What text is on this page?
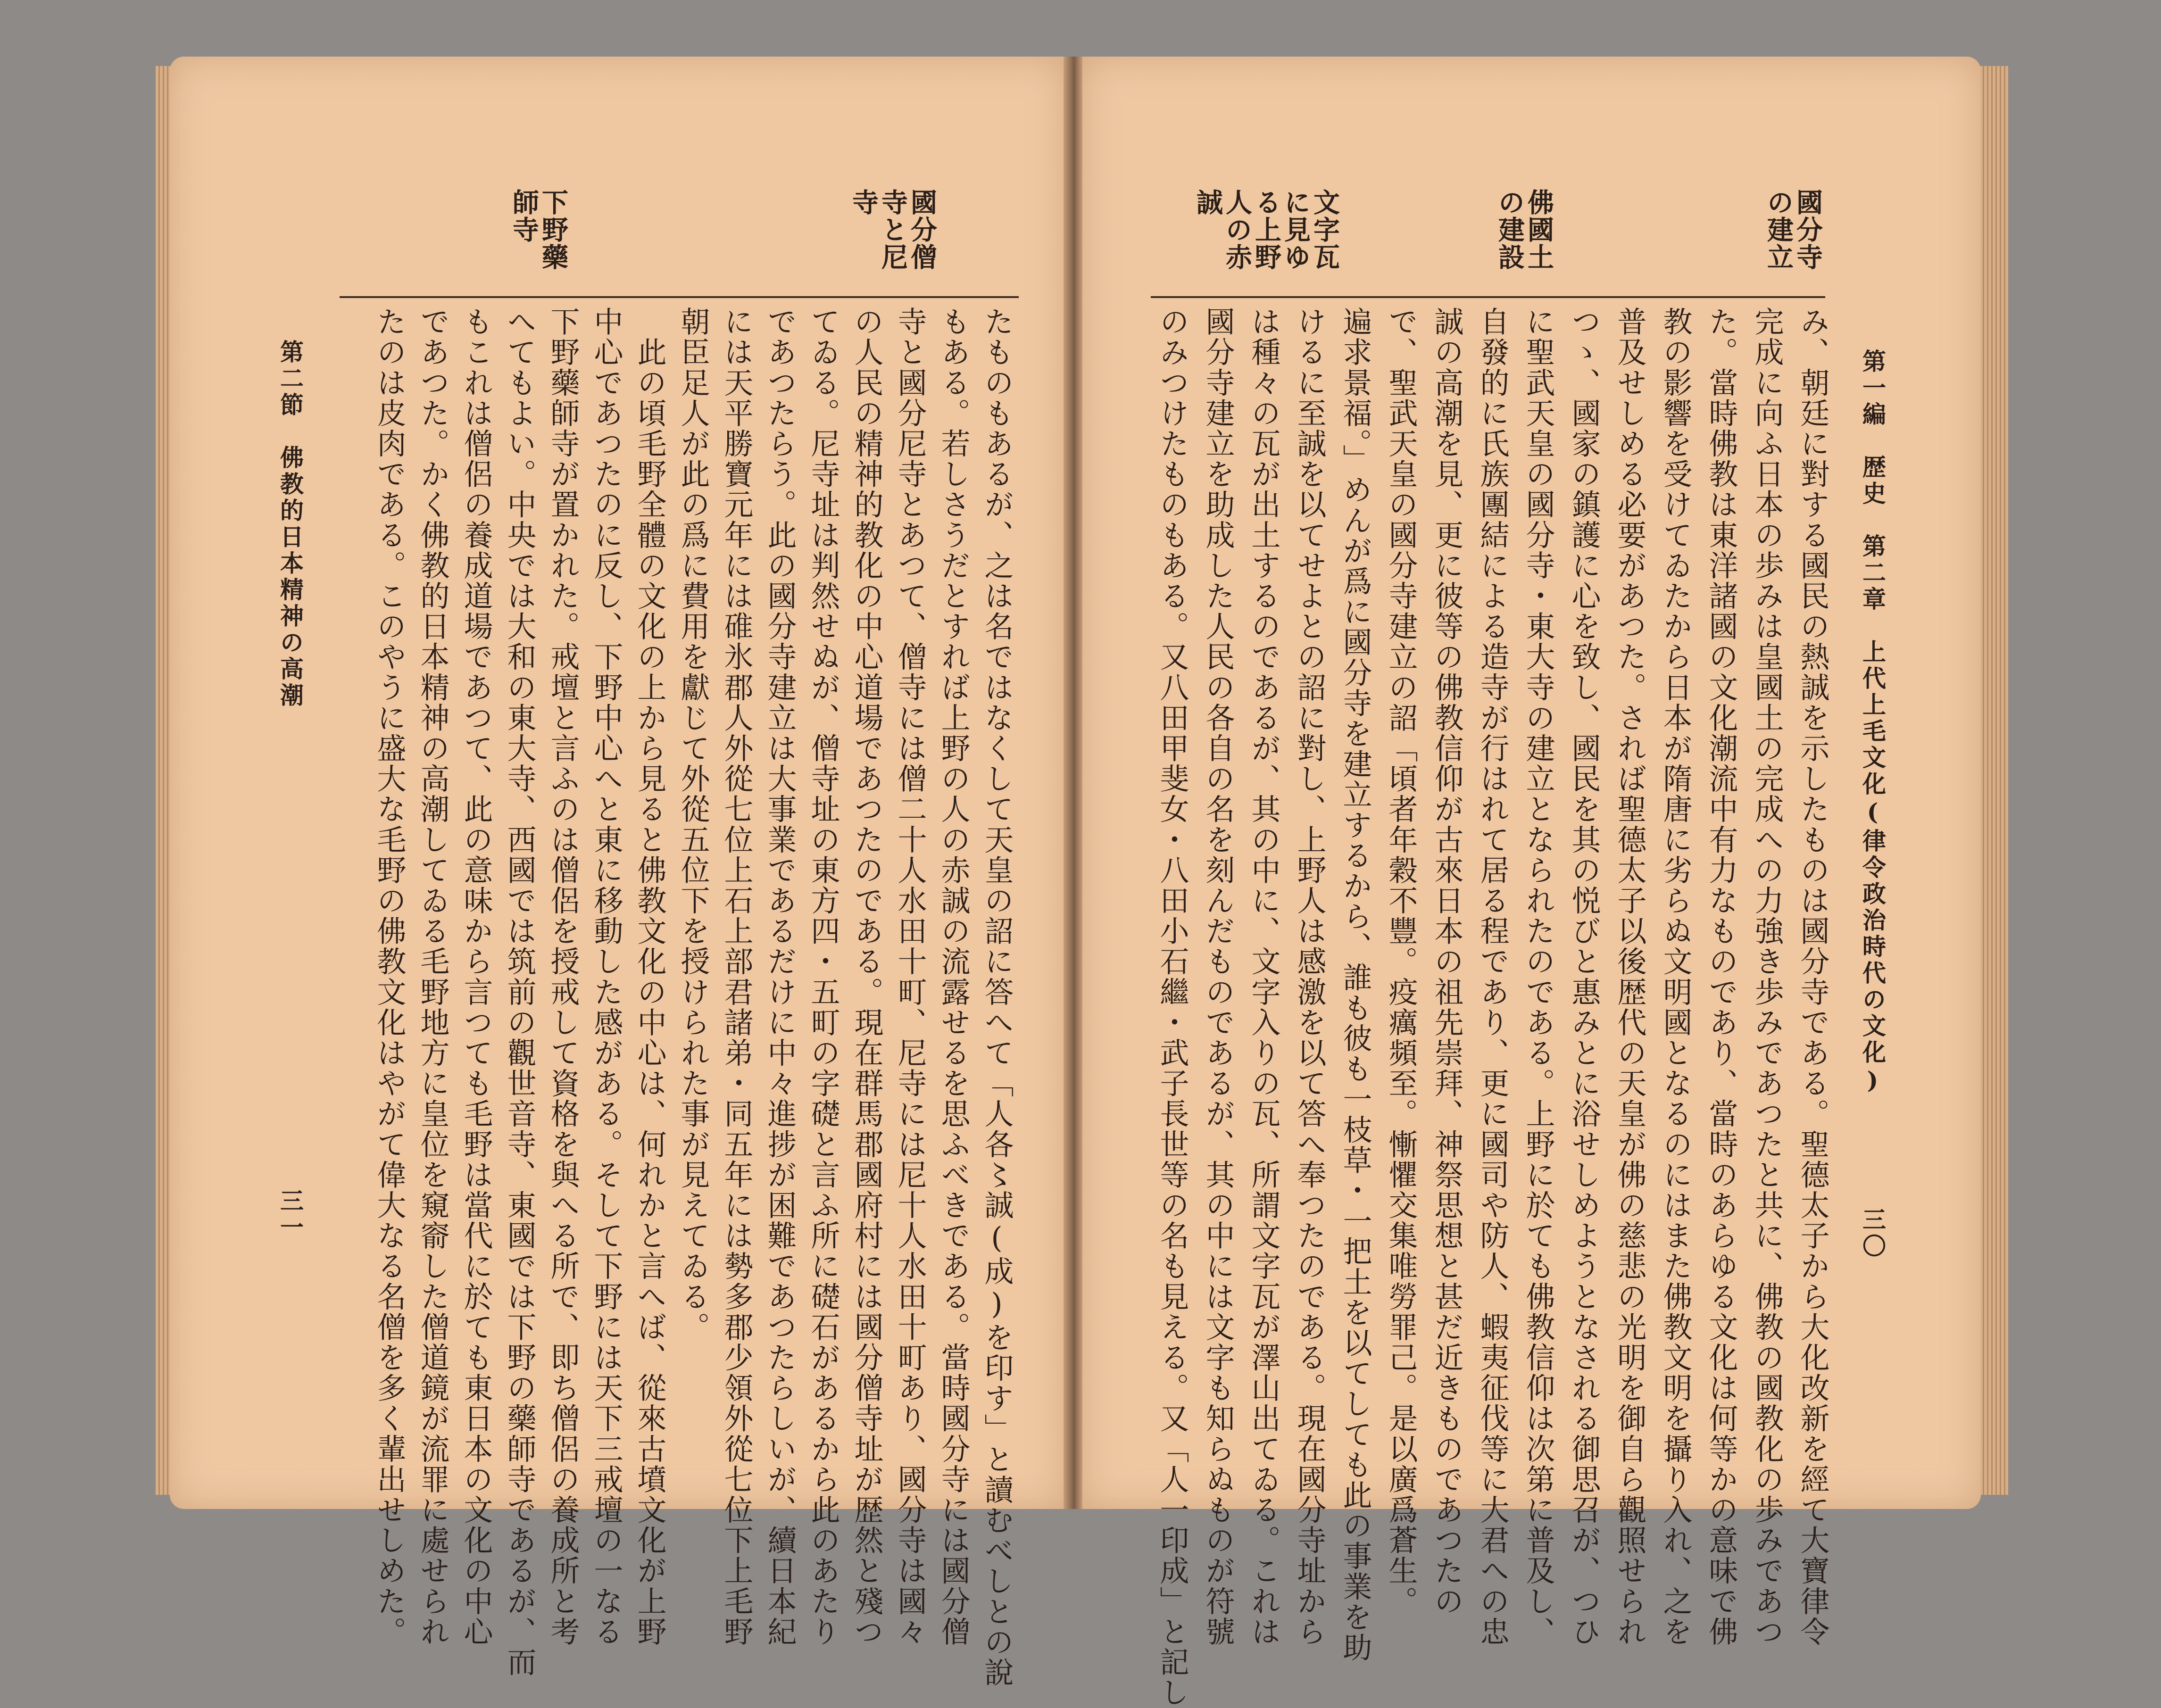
第一編　歴史　第二章　上代上毛文化(律令政治時代の文化)
三〇
國分寺の建立
佛國土の建設
文字瓦に見ゆる上野人の赤誠
み、朝廷に對する國民の熱誠を示したものは國分寺である。聖德太子から大化改新を經て大寶律令
完成に向ふ日本の歩みは皇國土の完成への力強き歩みであつたと共に、佛教の國教化の歩みであつ
た。當時佛教は東洋諸國の文化潮流中有力なものであり、當時のあらゆる文化は何等かの意味で佛
教の影響を受けてゐたから日本が隋唐に劣らぬ文明國となるのにはまた佛教文明を攝り入れ、之を
普及せしめる必要があつた。されば聖德太子以後歴代の天皇が佛の慈悲の光明を御自ら觀照せられ
つゝ、國家の鎮護に心を致し、國民を其の悦びと惠みとに浴せしめようとなされる御思召が、つひ
に聖武天皇の國分寺・東大寺の建立となられたのである。上野に於ても佛教信仰は次第に普及し、
自發的に氏族團結による造寺が行はれて居る程であり、更に國司や防人、蝦夷征伐等に大君への忠
誠の高潮を見、更に彼等の佛教信仰が古來日本の祖先崇拜、神祭思想と甚だ近きものであつたの
で、聖武天皇の國分寺建立の詔「頃者年穀不豐。疫癘頻至。慚懼交集唯勞罪己。是以廣爲蒼生。
遍求景福。」めんが爲に國分寺を建立するから、誰も彼も一枝草・一把土を以てしても此の事業を助
けるに至誠を以てせよとの詔に對し、上野人は感激を以て答へ奉つたのである。現在國分寺址から
は種々の瓦が出土するのであるが、其の中に、文字入りの瓦、所謂文字瓦が澤山出てゐる。これは
國分寺建立を助成した人民の各自の名を刻んだものであるが、其の中には文字も知らぬものが符號
のみつけたものもある。又八田甲斐女・八田小石繼・武子長世等の名も見える。又「人一印成」と記し
第二節　佛教的日本精神の高潮
三一
國分僧寺と尼寺
下野藥師寺
たものもあるが、之は名ではなくして天皇の詔に答へて「人各〻誠(成)を印す」と讀むべしとの說
もある。若しさうだとすれば上野の人の赤誠の流露せるを思ふべきである。當時國分寺には國分僧
寺と國分尼寺とあつて、僧寺には僧二十人水田十町、尼寺には尼十人水田十町あり、國分寺は國々
の人民の精神的教化の中心道場であつたのである。現在群馬郡國府村には國分僧寺址が歴然と殘つ
てゐる。尼寺址は判然せぬが、僧寺址の東方四・五町の字礎と言ふ所に礎石があるから此のあたり
であつたらう。此の國分寺建立は大事業であるだけに中々進捗が困難であつたらしいが、續日本紀
には天平勝寶元年には碓氷郡人外從七位上石上部君諸弟・同五年には勢多郡少領外從七位下上毛野
朝臣足人が此の爲に費用を獻じて外從五位下を授けられた事が見えてゐる。
　此の頃毛野全體の文化の上から見ると佛教文化の中心は、何れかと言へば、從來古墳文化が上野
中心であつたのに反し、下野中心へと東に移動した感がある。そして下野には天下三戒壇の一なる
下野藥師寺が置かれた。戒壇と言ふのは僧侶を授戒して資格を與へる所で、即ち僧侶の養成所と考
へてもよい。中央では大和の東大寺、西國では筑前の觀世音寺、東國では下野の藥師寺であるが、而
もこれは僧侶の養成道場であつて、此の意味から言つても毛野は當代に於ても東日本の文化の中心
であつた。かく佛教的日本精神の高潮してゐる毛野地方に皇位を窺窬した僧道鏡が流罪に處せられ
たのは皮肉である。このやうに盛大な毛野の佛教文化はやがて偉大なる名僧を多く輩出せしめた。
